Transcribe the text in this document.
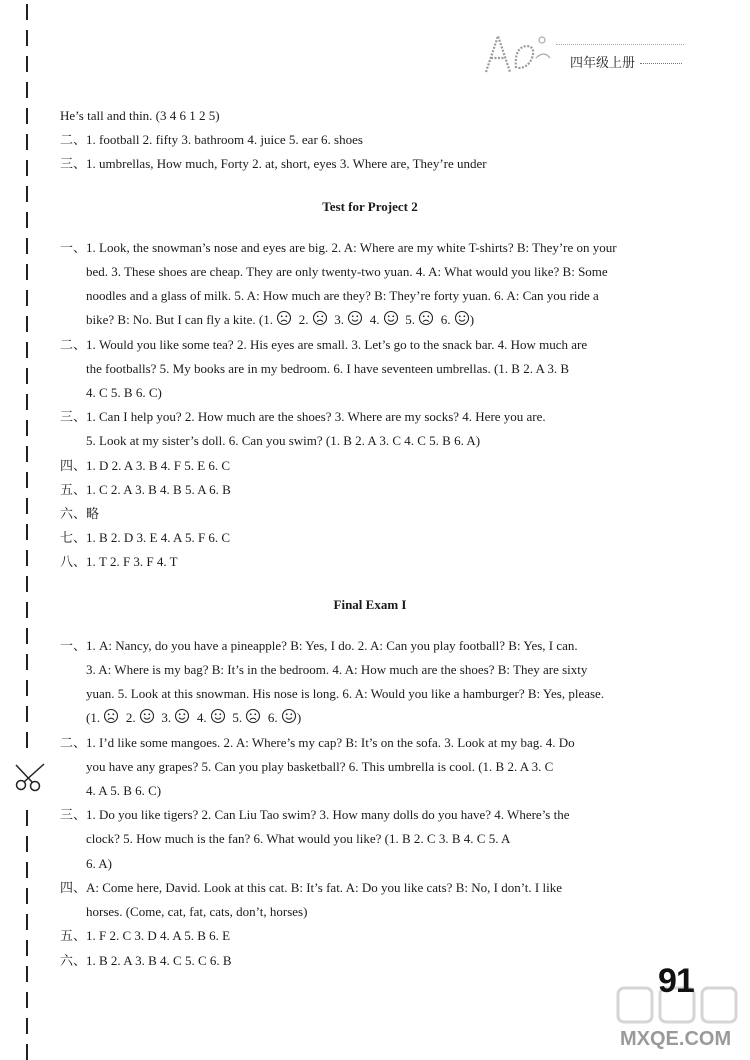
四年级上册
He’s tall and thin. (3 4 6 1 2 5)
二、1. football 2. fifty 3. bathroom 4. juice 5. ear 6. shoes
三、1. umbrellas, How much, Forty 2. at, short, eyes 3. Where are, They’re under
Test for Project 2
一、1. Look, the snowman’s nose and eyes are big. 2. A: Where are my white T-shirts? B: They’re on your
bed. 3. These shoes are cheap. They are only twenty-two yuan. 4. A: What would you like? B: Some
noodles and a glass of milk. 5. A: How much are they? B: They’re forty yuan. 6. A: Can you ride a
bike? B: No. But I can fly a kite. (1. 2. 3. 4. 5. 6. )
二、1. Would you like some tea? 2. His eyes are small. 3. Let’s go to the snack bar. 4. How much are
the footballs? 5. My books are in my bedroom. 6. I have seventeen umbrellas. (1. B 2. A 3. B
4. C 5. B 6. C)
三、1. Can I help you? 2. How much are the shoes? 3. Where are my socks? 4. Here you are.
5. Look at my sister’s doll. 6. Can you swim? (1. B 2. A 3. C 4. C 5. B 6. A)
四、1. D 2. A 3. B 4. F 5. E 6. C
五、1. C 2. A 3. B 4. B 5. A 6. B
六、略
七、1. B 2. D 3. E 4. A 5. F 6. C
八、1. T 2. F 3. F 4. T
Final Exam I
一、1. A: Nancy, do you have a pineapple? B: Yes, I do. 2. A: Can you play football? B: Yes, I can.
3. A: Where is my bag? B: It’s in the bedroom. 4. A: How much are the shoes? B: They are sixty
yuan. 5. Look at this snowman. His nose is long. 6. A: Would you like a hamburger? B: Yes, please.
(1. 2. 3. 4. 5. 6. )
二、1. I’d like some mangoes. 2. A: Where’s my cap? B: It’s on the sofa. 3. Look at my bag. 4. Do
you have any grapes? 5. Can you play basketball? 6. This umbrella is cool. (1. B 2. A 3. C
4. A 5. B 6. C)
三、1. Do you like tigers? 2. Can Liu Tao swim? 3. How many dolls do you have? 4. Where’s the
clock? 5. How much is the fan? 6. What would you like? (1. B 2. C 3. B 4. C 5. A
6. A)
四、A: Come here, David. Look at this cat. B: It’s fat. A: Do you like cats? B: No, I don’t. I like
horses. (Come, cat, fat, cats, don’t, horses)
五、1. F 2. C 3. D 4. A 5. B 6. E
六、1. B 2. A 3. B 4. C 5. C 6. B
91
MXQE.COM
